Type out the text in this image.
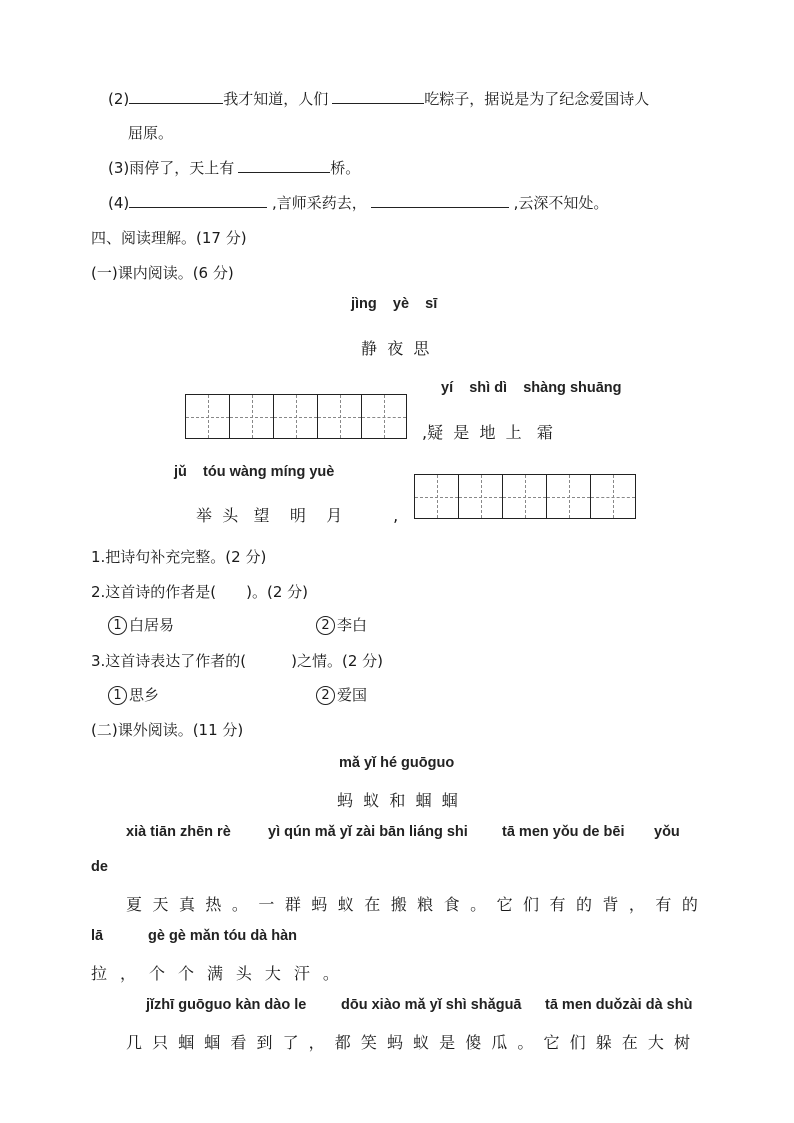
(2)	我才知道，人们	吃粽子，据说是为了纪念爱国诗人
屈原。
(3)雨停了，天上有	桥。
(4)	,言师采药去，	,云深不知处。
四、阅读理解。(17 分)
(一)课内阅读。(6 分)
jìng yè sī
静 夜 思
yí shì dì shàng shuāng
,疑 是 地 上 霜
jǔ tóu wàng míng yuè
举 头 望 明 月	,
1.把诗句补充完整。(2 分)
2.这首诗的作者是(　　)。(2 分)
1 白居易	2 李白
3.这首诗表达了作者的(　　　)之情。(2 分)
1 思乡	2 爱国
(二)课外阅读。(11 分)
mǎ yǐ hé guōguo
蚂 蚁 和 蝈 蝈
xià tiān zhēn rè	yì qún mǎ yǐ zài bān liáng shi tā men yǒu de bēi yǒu
de
夏 天 真 热 。 一 群 蚂 蚁 在 搬 粮 食 。 它 们 有 的 背 ， 有 的
lā	gè gè mǎn tóu dà hàn
拉 ， 个 个 满 头 大 汗 。
jǐzhī guōguo kàn dào le dōu xiào mǎ yǐ shì shǎguā tā men duǒzài dà shù
几 只 蝈 蝈 看 到 了 ， 都 笑 蚂 蚁 是 傻 瓜 。 它 们 躲 在 大 树
